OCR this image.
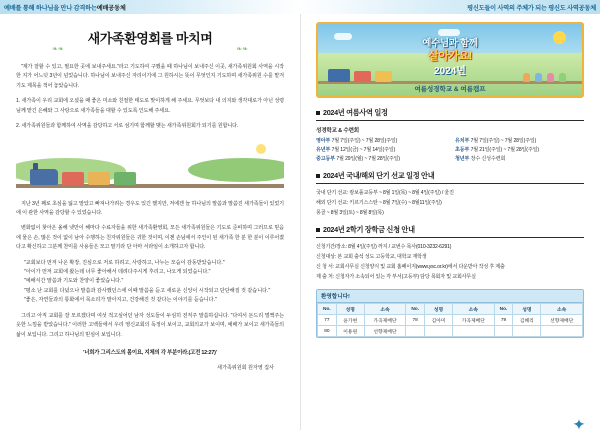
예배를 통해 하나님을 만나 감격하는 예배공동체
새가족환영회를 마치며
❧❧	❧❧

"제가 잘할 수 있고, 필요한 곳에 보내주세요."라고 기도하여 구했을 때 하나님이 보내주신 이곳, 새가족위원회 사역을 시작한 지가 어느덧 3년이 넘었습니다. 하나님이 보내주신 자리이기에 그 원하시는 뜻이 무엇인지 기도하며 새가족위원 수를 맡겨 기도 제목을 적어 놓았습니다.

1. 새가족이 우리 교회에 오셨을 때 좋은 미소와 친절한 태도로 맞이하게 해 주세요. 무엇보다 내 의지와 생각대로가 아닌 성령님께 맡긴 은혜와 그 사랑으로 새가족들을 대할 수 있도록 인도해 주세요.

2. 새가족위원들과 함께하여 사역을 감당하고 서로 섬기며 함께할 맺는 새가족위원회가 되기를 원합니다.

지난 3년 째로 초심을 잃고 말았고 빠져나가려는 경우도 있긴 했지만, 저에겐 늘 하나님의 말씀과 말씀진 새가족들이 있었기에 이 관한 사역을 감당할 수 있었습니다.

변화없이 찾아온 올해 넷만이 해마다 수료자들을 위한 새가족환영회, 모든 새가족위원들은 기도로 준비하며 그러므로 믿음에 물은 손, 많은 것이 없이 남아 수행하는 친자위원들은 귀한 것이며, 이젠 손님에서 주인이 된 새가족 한 분 한 분이 이루어졌다고 확신하고 그분께 찬미를 사용들은 모고 말기라 단 아마 서라임이 소개하고자 합니다.

"교회보다 먼저 나온 확장, 진심으로 저로 하려고, 사랑하고, 나누는 모습이 감동받았습니다."

"아이가 먼저 교회에 왔는데 너무 좋아해서 데려다주시게 후리고, 나오게 되었습니다."

"예배식간 말씀과 기도와 찬양이 좋았습니다."

"평소 난 교회를 다녔으나 말씀과 감사했던스에 이때 말씀을 듣고 새로운 신앙이 시작되고 단단해질 것 같습니다."

"좋은, 자연들과의 통화에서 목소리가 말아지고, 건강해진 것 같다는 이야기를 듣습니다."

그리고 아직 교회를 잘 모르겠다며 여섯 적고싶어던 남자 성도들이 두심히 전직주 말씀하십니다. "다여서 돈드리 멀쩍주는 옷한 느낌을 받았습니다." 이러한 고백들에서 우리 영신교회의 독정이 보이고, 교회의교가 보이며, 예배가 보이고 새가족들의 삶이 보입니다. 그리고 하나님의 믿심이 보입니다.

'너희가 그리스도의 몸이요, 지체의 각 부분이라.(고전 12:27)'
새가족위원회 원자영 집사
평신도들이 사역의 주체가 되는 평신도 사역공동체
예수님과 함께
살아가요!
2024년
여름성경학교 & 여름캠프
2024년 여름사역 일정
성경학교 & 수련회
영아부 7월 7일(주일) ~ 7월 28일(주일)	유치부 7월 7일(주일) ~ 7월 28일(주일)
유년부 7월 12일(금) ~ 7월 14일(주일)	초등부 7월 21일(주일) ~ 7월 28일(주일)
중고등부 7월 29일(월) ~ 7월 28일(주일)	청년부 장수 신성수련회
2024년 국내/해외 단기 선교 일정 안내
국내 단기 선교: 캄보플교등부 ~ 8월 1일(목) ~ 8월 4일(주일) / 울진
해외 단기 선교: 키르기스스탄 ~ 8월 7일(수) ~ 8월11일(주일)
몽골 ~ 8월 3일(토) ~ 8월 8일(목)
2024년 2학기 장학금 신청 안내
신청기간/장소: 8월 4일(주일) 까지 / 교번수 목사(010-3232-6291)
신청대상: 본 교회 출석 성도 고등학교, 대학교 재학생
신 청 서: 교회사무실 신청양식 및 교회 홈페이지(www.ysc.or.kr)에서 다운받아 작성 후 제출
제 출 처: 신청자가 소속되어 있는 각 부서(고등부) 담당 목회자 및 교회사무실
환영합니다!
No.	성명	소속	No.	성명	소속	No.	성명	소속
77	윤가현	가곡제배단	78	김아미	가곡제배단	79	김혜리	선향제배단
80	이용원	선향제배단						
